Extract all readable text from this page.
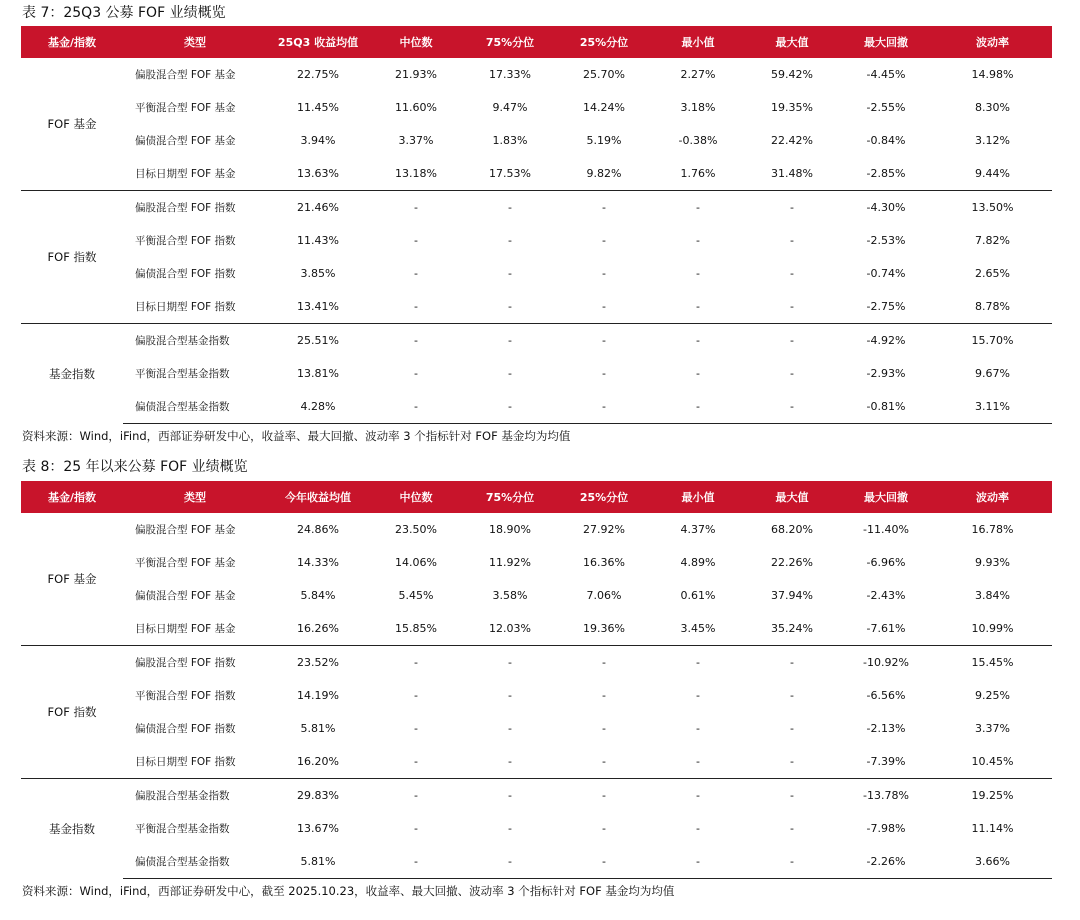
表 7：25Q3 公募 FOF 业绩概览
基金/指数	类型	25Q3 收益均值	中位数	75%分位	25%分位	最小值	最大值	最大回撤	波动率
FOF 基金	偏股混合型 FOF 基金	22.75%	21.93%	17.33%	25.70%	2.27%	59.42%	-4.45%	14.98%
	平衡混合型 FOF 基金	11.45%	11.60%	9.47%	14.24%	3.18%	19.35%	-2.55%	8.30%
	偏债混合型 FOF 基金	3.94%	3.37%	1.83%	5.19%	-0.38%	22.42%	-0.84%	3.12%
	目标日期型 FOF 基金	13.63%	13.18%	17.53%	9.82%	1.76%	31.48%	-2.85%	9.44%
FOF 指数	偏股混合型 FOF 指数	21.46%	-	-	-	-	-	-4.30%	13.50%
	平衡混合型 FOF 指数	11.43%	-	-	-	-	-	-2.53%	7.82%
	偏债混合型 FOF 指数	3.85%	-	-	-	-	-	-0.74%	2.65%
	目标日期型 FOF 指数	13.41%	-	-	-	-	-	-2.75%	8.78%
基金指数	偏股混合型基金指数	25.51%	-	-	-	-	-	-4.92%	15.70%
	平衡混合型基金指数	13.81%	-	-	-	-	-	-2.93%	9.67%
	偏债混合型基金指数	4.28%	-	-	-	-	-	-0.81%	3.11%
资料来源：Wind，iFind，西部证券研发中心，收益率、最大回撤、波动率 3 个指标针对 FOF 基金均为均值
表 8：25 年以来公募 FOF 业绩概览
基金/指数	类型	今年收益均值	中位数	75%分位	25%分位	最小值	最大值	最大回撤	波动率
FOF 基金	偏股混合型 FOF 基金	24.86%	23.50%	18.90%	27.92%	4.37%	68.20%	-11.40%	16.78%
	平衡混合型 FOF 基金	14.33%	14.06%	11.92%	16.36%	4.89%	22.26%	-6.96%	9.93%
	偏债混合型 FOF 基金	5.84%	5.45%	3.58%	7.06%	0.61%	37.94%	-2.43%	3.84%
	目标日期型 FOF 基金	16.26%	15.85%	12.03%	19.36%	3.45%	35.24%	-7.61%	10.99%
FOF 指数	偏股混合型 FOF 指数	23.52%	-	-	-	-	-	-10.92%	15.45%
	平衡混合型 FOF 指数	14.19%	-	-	-	-	-	-6.56%	9.25%
	偏债混合型 FOF 指数	5.81%	-	-	-	-	-	-2.13%	3.37%
	目标日期型 FOF 指数	16.20%	-	-	-	-	-	-7.39%	10.45%
基金指数	偏股混合型基金指数	29.83%	-	-	-	-	-	-13.78%	19.25%
	平衡混合型基金指数	13.67%	-	-	-	-	-	-7.98%	11.14%
	偏债混合型基金指数	5.81%	-	-	-	-	-	-2.26%	3.66%
资料来源：Wind，iFind，西部证券研发中心，截至 2025.10.23，收益率、最大回撤、波动率 3 个指标针对 FOF 基金均为均值
